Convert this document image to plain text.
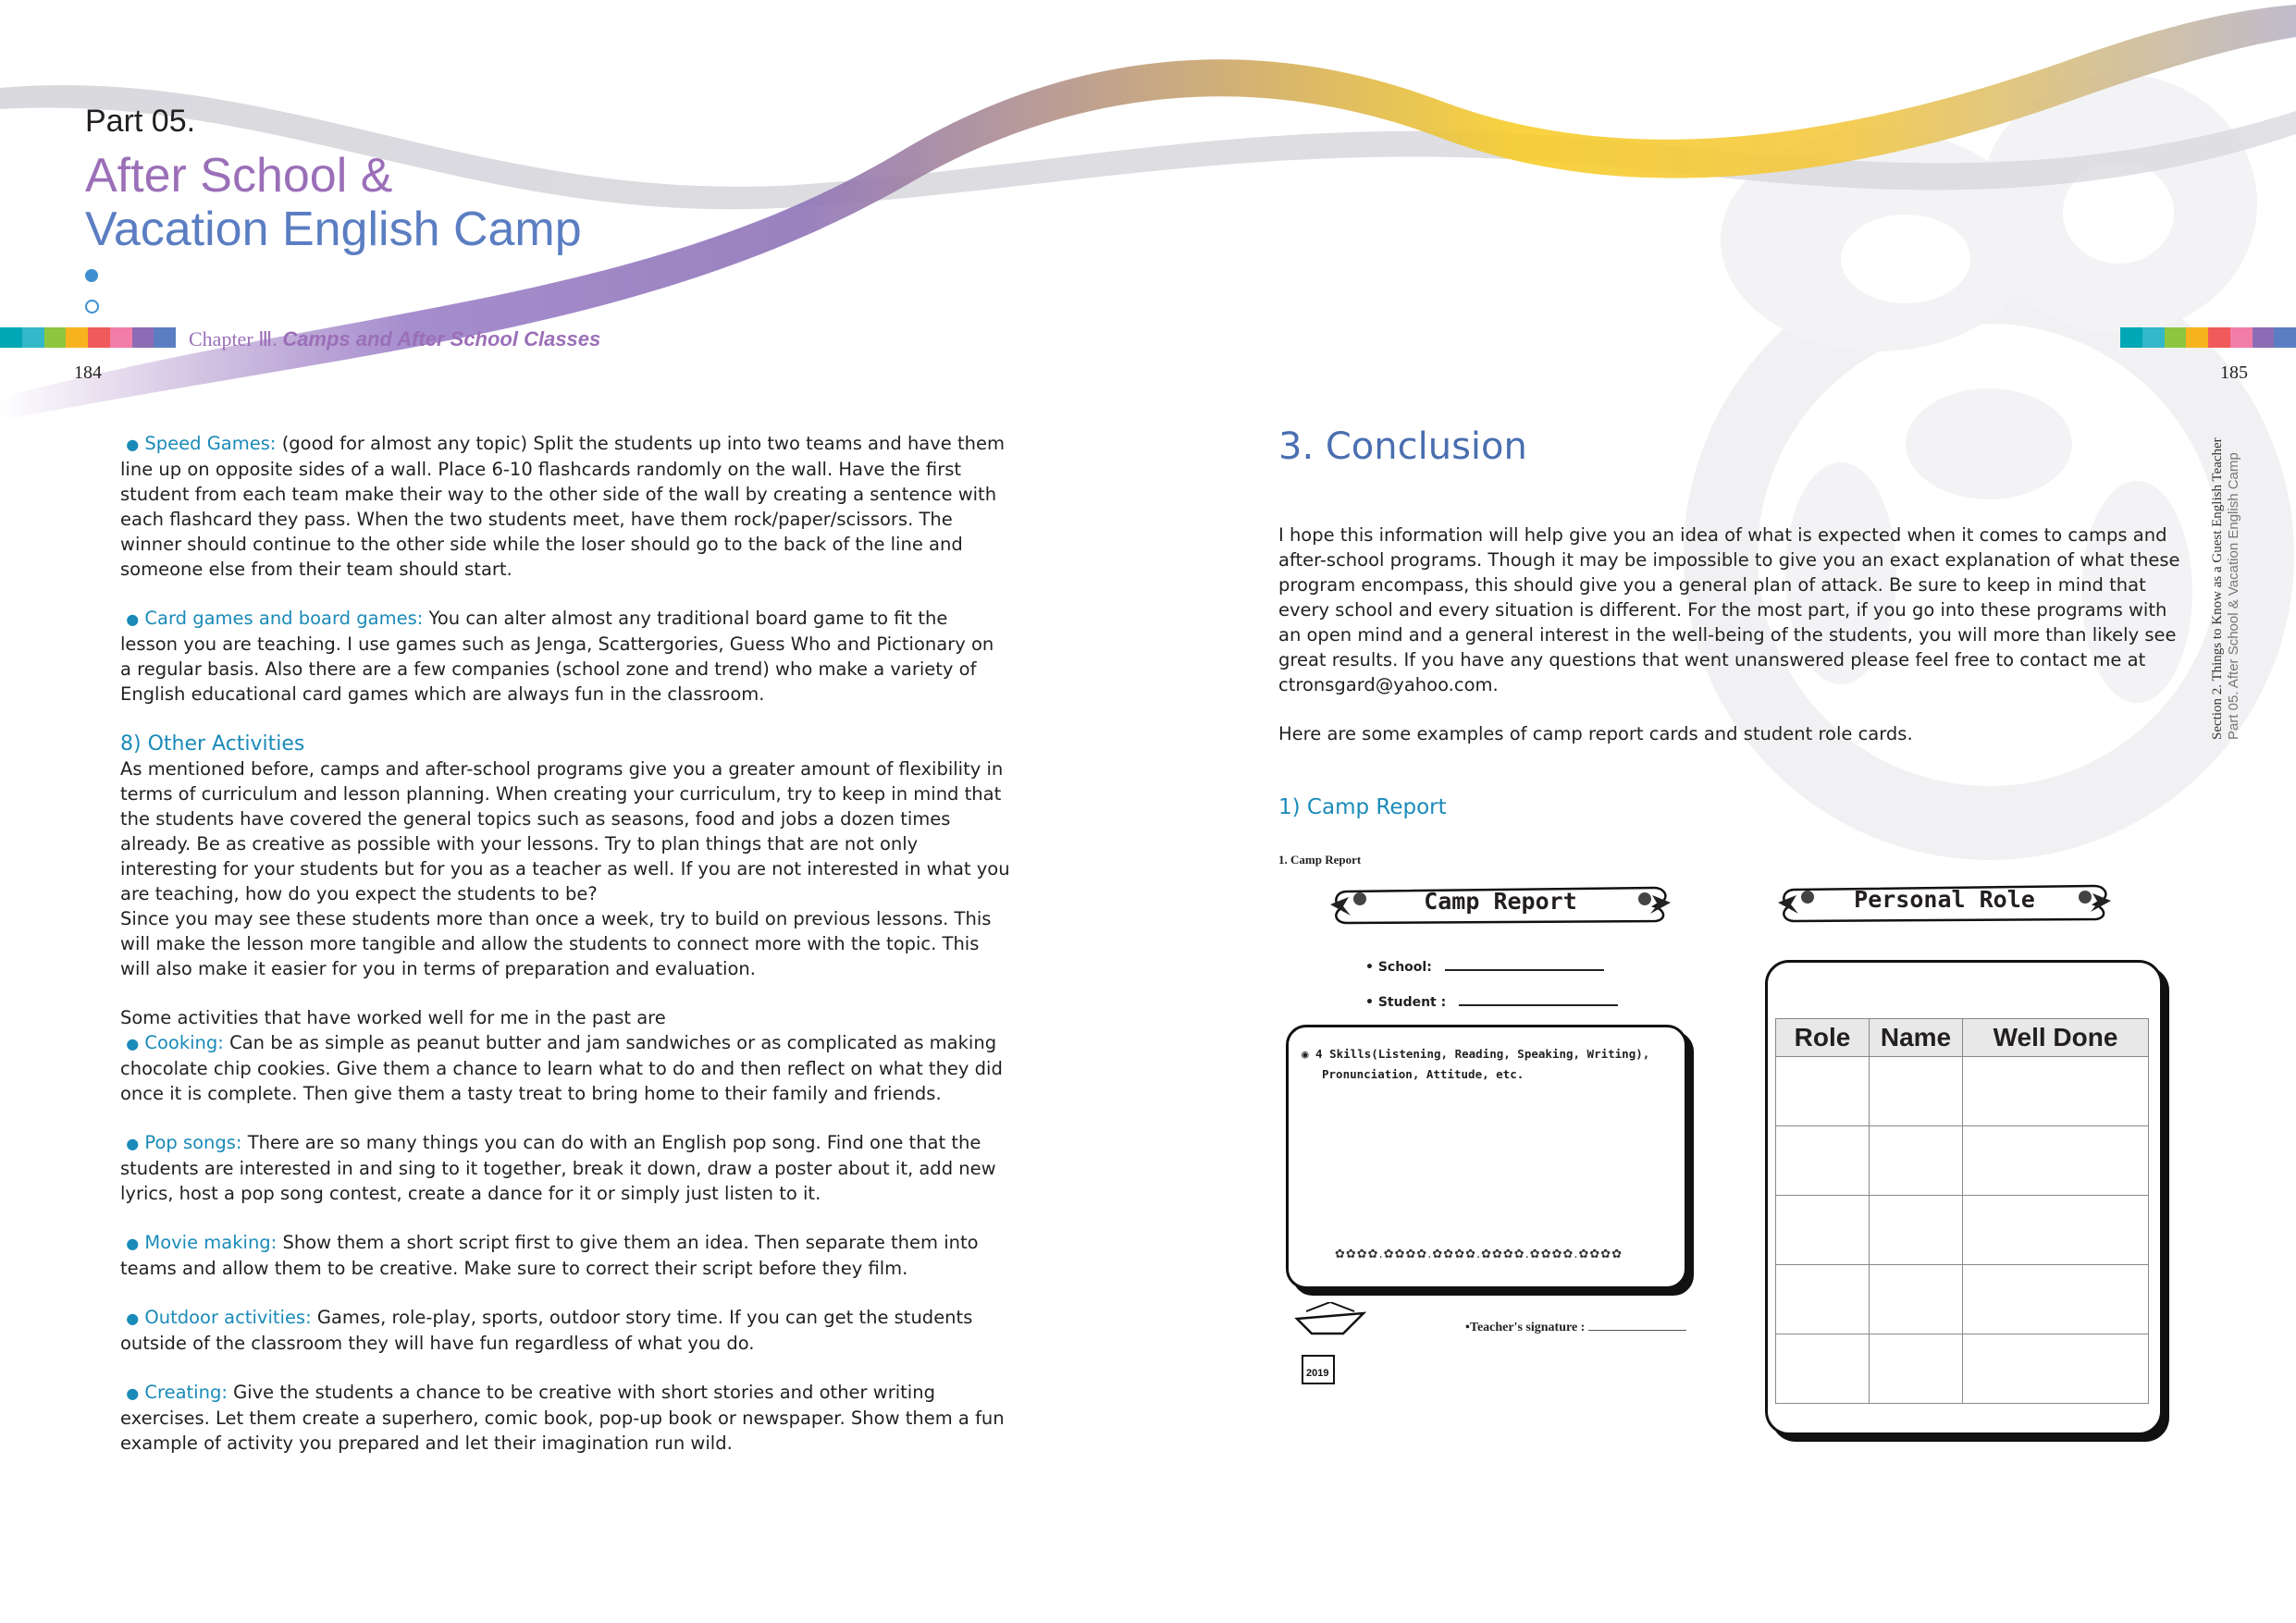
Part 05.
After School &
Vacation English Camp
Chapter Ⅲ. Camps and After School Classes
184	185
Section 2. Things to Know as a Guest English Teacher Part 05. After School & Vacation English Camp

● Speed Games: (good for almost any topic) Split the students up into two teams and have them line up on opposite sides of a wall. Place 6-10 flashcards randomly on the wall. Have the first student from each team make their way to the other side of the wall by creating a sentence with each flashcard they pass. When the two students meet, have them rock/paper/scissors. The winner should continue to the other side while the loser should go to the back of the line and someone else from their team should start.

● Card games and board games: You can alter almost any traditional board game to fit the lesson you are teaching. I use games such as Jenga, Scattergories, Guess Who and Pictionary on a regular basis. Also there are a few companies (school zone and trend) who make a variety of English educational card games which are always fun in the classroom.

8) Other Activities
As mentioned before, camps and after-school programs give you a greater amount of flexibility in terms of curriculum and lesson planning. When creating your curriculum, try to keep in mind that the students have covered the general topics such as seasons, food and jobs a dozen times already. Be as creative as possible with your lessons. Try to plan things that are not only interesting for your students but for you as a teacher as well. If you are not interested in what you are teaching, how do you expect the students to be?

Since you may see these students more than once a week, try to build on previous lessons. This will make the lesson more tangible and allow the students to connect more with the topic. This will also make it easier for you in terms of preparation and evaluation.

Some activities that have worked well for me in the past are

● Cooking: Can be as simple as peanut butter and jam sandwiches or as complicated as making chocolate chip cookies. Give them a chance to learn what to do and then reflect on what they did once it is complete. Then give them a tasty treat to bring home to their family and friends.

● Pop songs: There are so many things you can do with an English pop song. Find one that the students are interested in and sing to it together, break it down, draw a poster about it, add new lyrics, host a pop song contest, create a dance for it or simply just listen to it.

● Movie making: Show them a short script first to give them an idea. Then separate them into teams and allow them to be creative. Make sure to correct their script before they film.

● Outdoor activities: Games, role-play, sports, outdoor story time. If you can get the students outside of the classroom they will have fun regardless of what you do.

● Creating: Give the students a chance to be creative with short stories and other writing exercises. Let them create a superhero, comic book, pop-up book or newspaper. Show them a fun example of activity you prepared and let their imagination run wild.

3. Conclusion

I hope this information will help give you an idea of what is expected when it comes to camps and after-school programs. Though it may be impossible to give you an exact explanation of what these program encompass, this should give you a general plan of attack. Be sure to keep in mind that every school and every situation is different. For the most part, if you go into these programs with an open mind and a general interest in the well-being of the students, you will more than likely see great results. If you have any questions that went unanswered please feel free to contact me at ctronsgard@yahoo.com.

Here are some examples of camp report cards and student role cards.

1) Camp Report
1. Camp Report
Camp Report
• School:
• Student :
◉ 4 Skills(Listening, Reading, Speaking, Writing),
Pronunciation, Attitude, etc.
✿✿✿✿.✿✿✿✿.✿✿✿✿.✿✿✿✿.✿✿✿✿.✿✿✿✿
2019
•Teacher's signature :
Personal Role
Role	Name	Well Done
